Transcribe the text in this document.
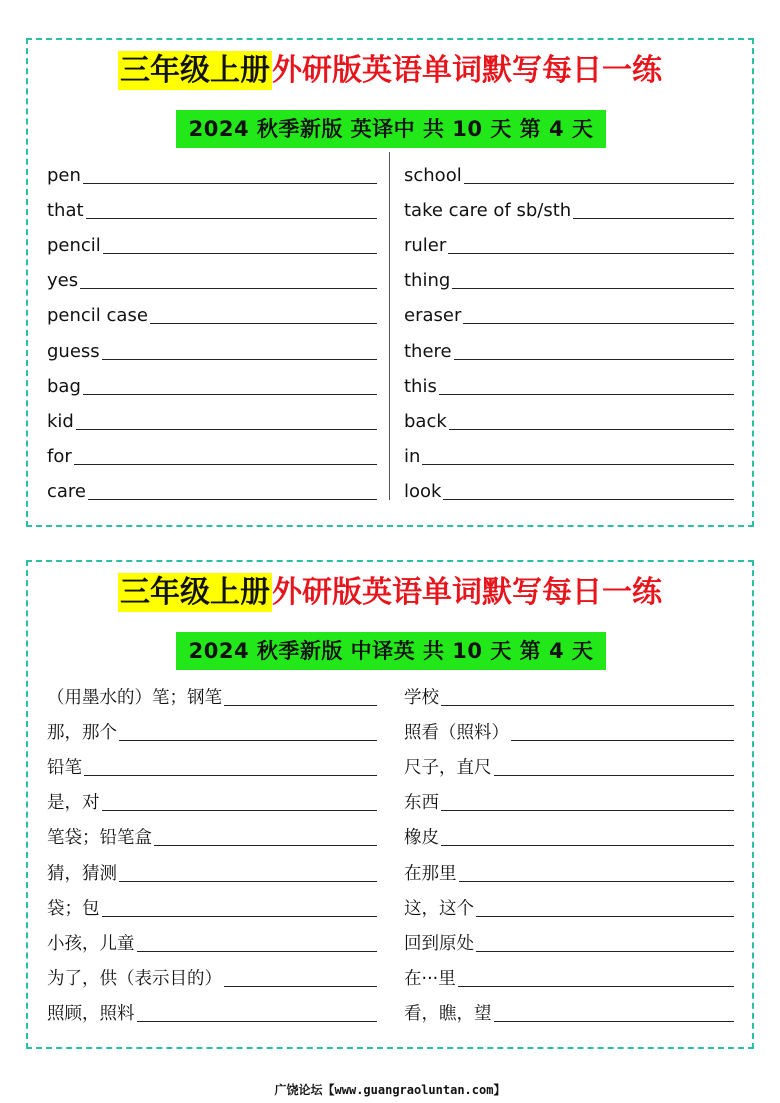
三年级上册外研版英语单词默写每日一练
2024 秋季新版 英译中 共 10 天 第 4 天
pen
that
pencil
yes
pencil case
guess
bag
kid
for
care
school
take care of sb/sth
ruler
thing
eraser
there
this
back
in
look
三年级上册外研版英语单词默写每日一练
2024 秋季新版 中译英 共 10 天 第 4 天
（用墨水的）笔；钢笔
那，那个
铅笔
是，对
笔袋；铅笔盒
猜，猜测
袋；包
小孩，儿童
为了，供（表示目的）
照顾，照料
学校
照看（照料）
尺子，直尺
东西
橡皮
在那里
这，这个
回到原处
在···里
看，瞧，望
广饶论坛【www.guangraoluntan.com】
